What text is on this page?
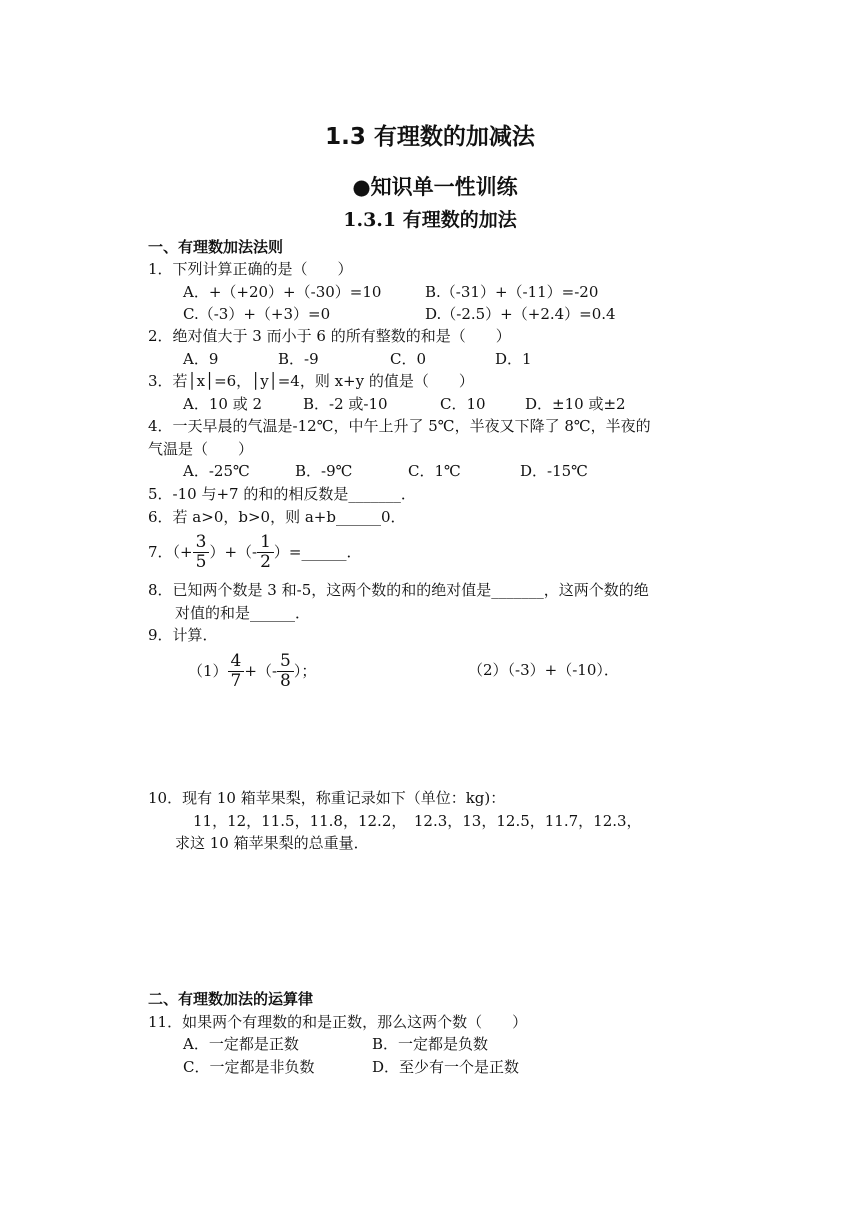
1.3 有理数的加减法
●知识单一性训练
1.3.1 有理数的加法
一、有理数加法法则
1．下列计算正确的是（　　）
A．+（+20）+（-30）=10	B.（-31）+（-11）=-20
C.（-3）+（+3）=0	D.（-2.5）+（+2.4）=0.4
2．绝对值大于 3 而小于 6 的所有整数的和是（　　）
A．9	B．-9	C．0	D．1
3．若│x│=6，│y│=4，则 x+y 的值是（　　）
A．10 或 2	B．-2 或-10	C．10	D．±10 或±2
4．一天早晨的气温是-12℃，中午上升了 5℃，半夜又下降了 8℃，半夜的
气温是（　　）
A．-25℃	B．-9℃	C．1℃	D．-15℃
5．-10 与+7 的和的相反数是_______．
6．若 a>0，b>0，则 a+b______0．
7．（+ $\frac{3}{5}$ ）+（- $\frac{1}{2}$ ）=______．
8．已知两个数是 3 和-5，这两个数的和的绝对值是_______，这两个数的绝
对值的和是______．
9．计算．
$(1) \frac{4}{7}$ +（- $\frac{5}{8}$ ）；	（2）（-3）+（-10）．
10．现有 10 箱苹果梨，称重记录如下（单位：kg)：
11，12，11.5，11.8，12.2，　12.3，13，12.5，11.7，12.3，
求这 10 箱苹果梨的总重量．
二、有理数加法的运算律
11．如果两个有理数的和是正数，那么这两个数（　　）
A．一定都是正数	B．一定都是负数
C．一定都是非负数	D．至少有一个是正数
